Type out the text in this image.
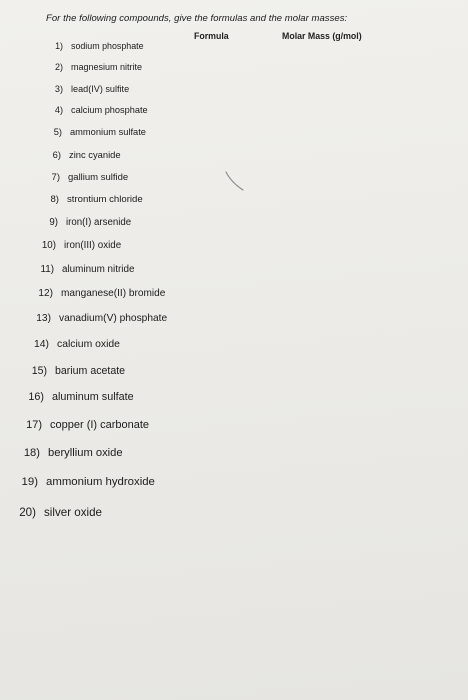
For the following compounds, give the formulas and the molar masses:
Formula	Molar Mass (g/mol)
1) sodium phosphate
2) magnesium nitrite
3) lead(IV) sulfite
4) calcium phosphate
5) ammonium sulfate
6) zinc cyanide
7) gallium sulfide
8) strontium chloride
9) iron(I) arsenide
10) iron(III) oxide
11) aluminum nitride
12) manganese(II) bromide
13) vanadium(V) phosphate
14) calcium oxide
15) barium acetate
16) aluminum sulfate
17) copper (I) carbonate
18) beryllium oxide
19) ammonium hydroxide
20) silver oxide
